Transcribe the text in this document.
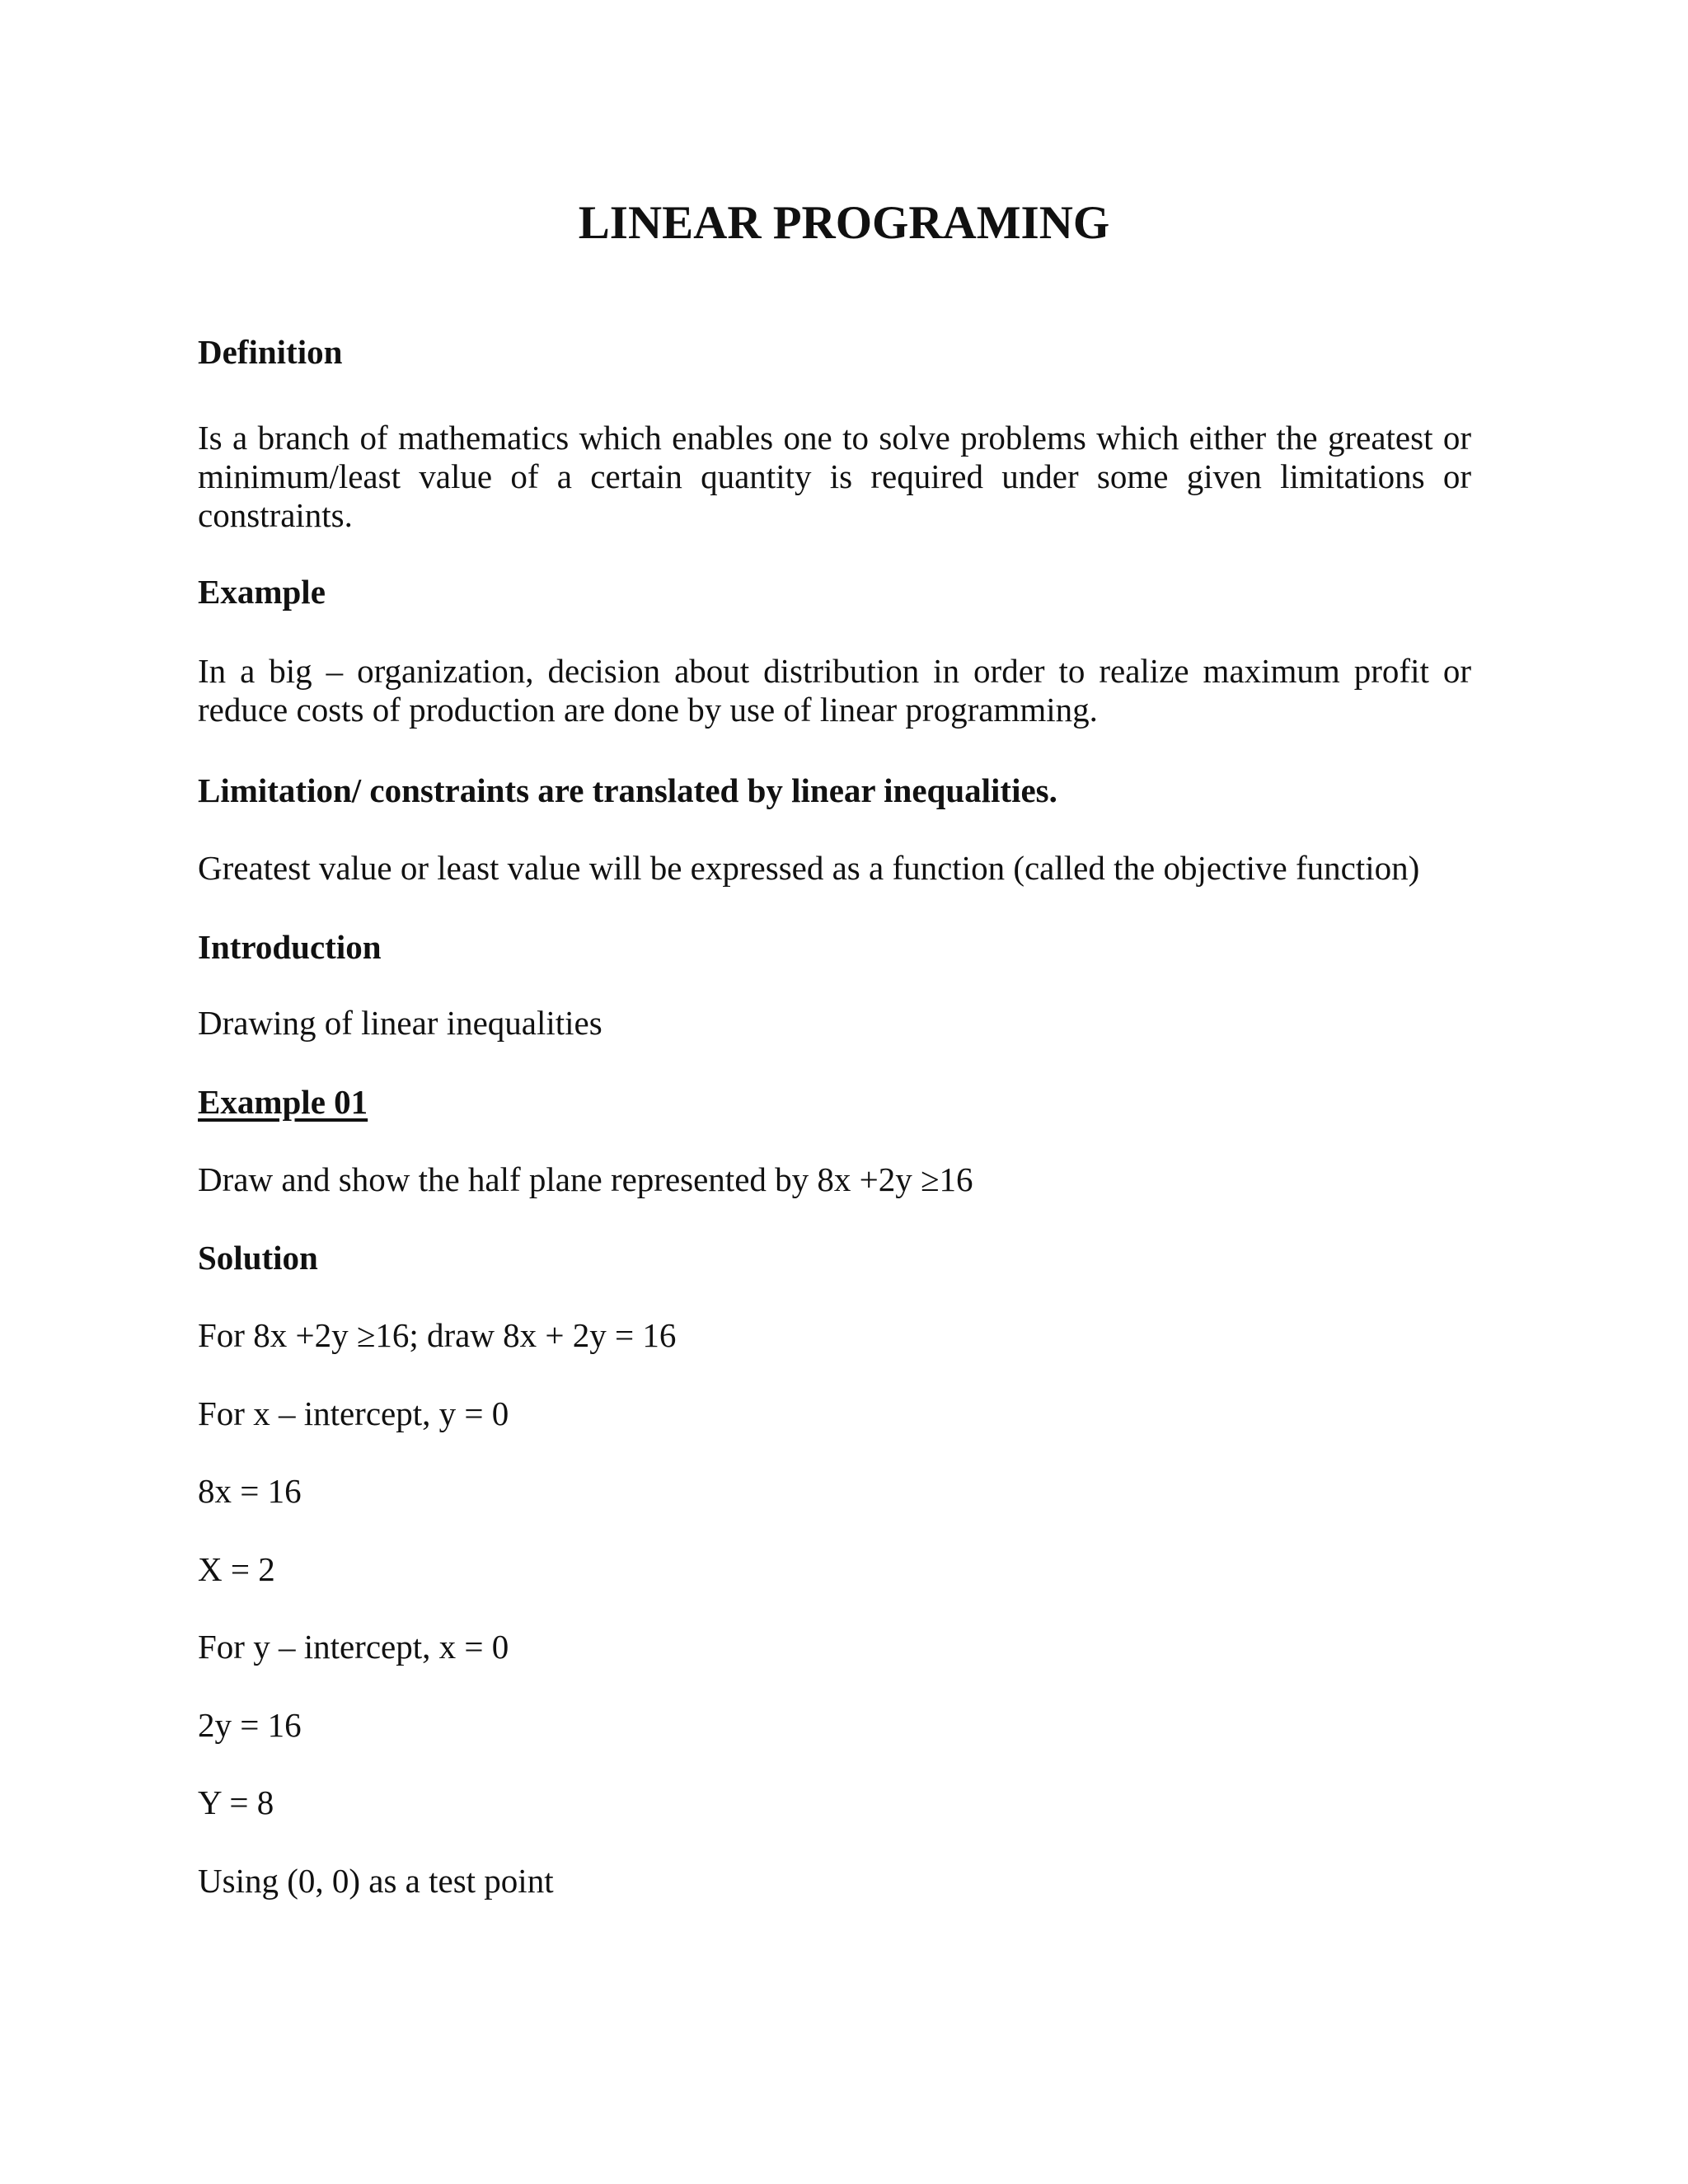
LINEAR PROGRAMING

Definition

Is a branch of mathematics which enables one to solve problems which either the greatest or
minimum/least value of a certain quantity is required under some given limitations or
constraints.

Example

In a big – organization, decision about distribution in order to realize maximum profit or
reduce costs of production are done by use of linear programming.

Limitation/ constraints are translated by linear inequalities.

Greatest value or least value will be expressed as a function (called the objective function)

Introduction

Drawing of linear inequalities

Example 01

Draw and show the half plane represented by 8x +2y ≥16

Solution

For 8x +2y ≥16; draw 8x + 2y = 16

For x – intercept, y = 0

8x = 16

X = 2

For y – intercept, x = 0

2y = 16

Y = 8

Using (0, 0) as a test point
